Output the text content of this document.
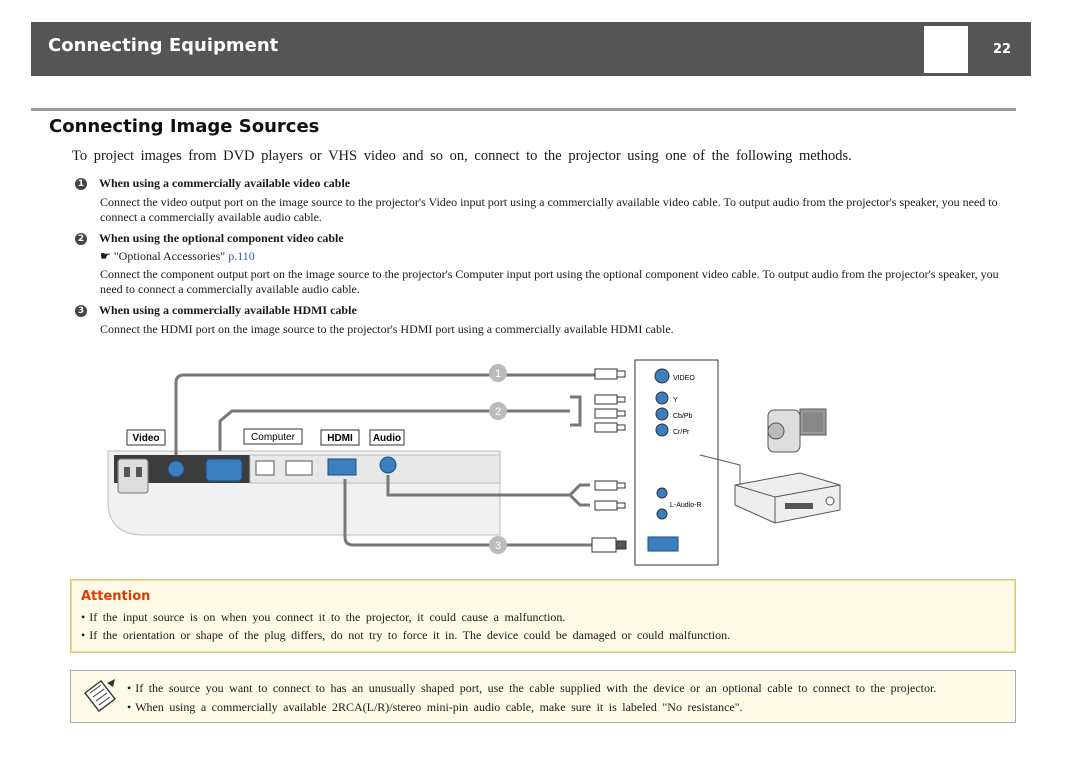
Connecting Equipment	22
Connecting Image Sources
To project images from DVD players or VHS video and so on, connect to the projector using one of the following methods.
1 When using a commercially available video cable
Connect the video output port on the image source to the projector's Video input port using a commercially available video cable. To output audio from the projector's speaker, you need to connect a commercially available audio cable.
2 When using the optional component video cable
☛ "Optional Accessories" p.110
Connect the component output port on the image source to the projector's Computer input port using the optional component video cable. To output audio from the projector's speaker, you need to connect a commercially available audio cable.
3 When using a commercially available HDMI cable
Connect the HDMI port on the image source to the projector's HDMI port using a commercially available HDMI cable.
Video	Computer	HDMI Audio
1
2
3
VIDEO
Y
Cb/Pb
Cr/Pr
L-Audio-R
Attention
• If the input source is on when you connect it to the projector, it could cause a malfunction.
• If the orientation or shape of the plug differs, do not try to force it in. The device could be damaged or could malfunction.
• If the source you want to connect to has an unusually shaped port, use the cable supplied with the device or an optional cable to connect to the projector.
• When using a commercially available 2RCA(L/R)/stereo mini-pin audio cable, make sure it is labeled "No resistance".
